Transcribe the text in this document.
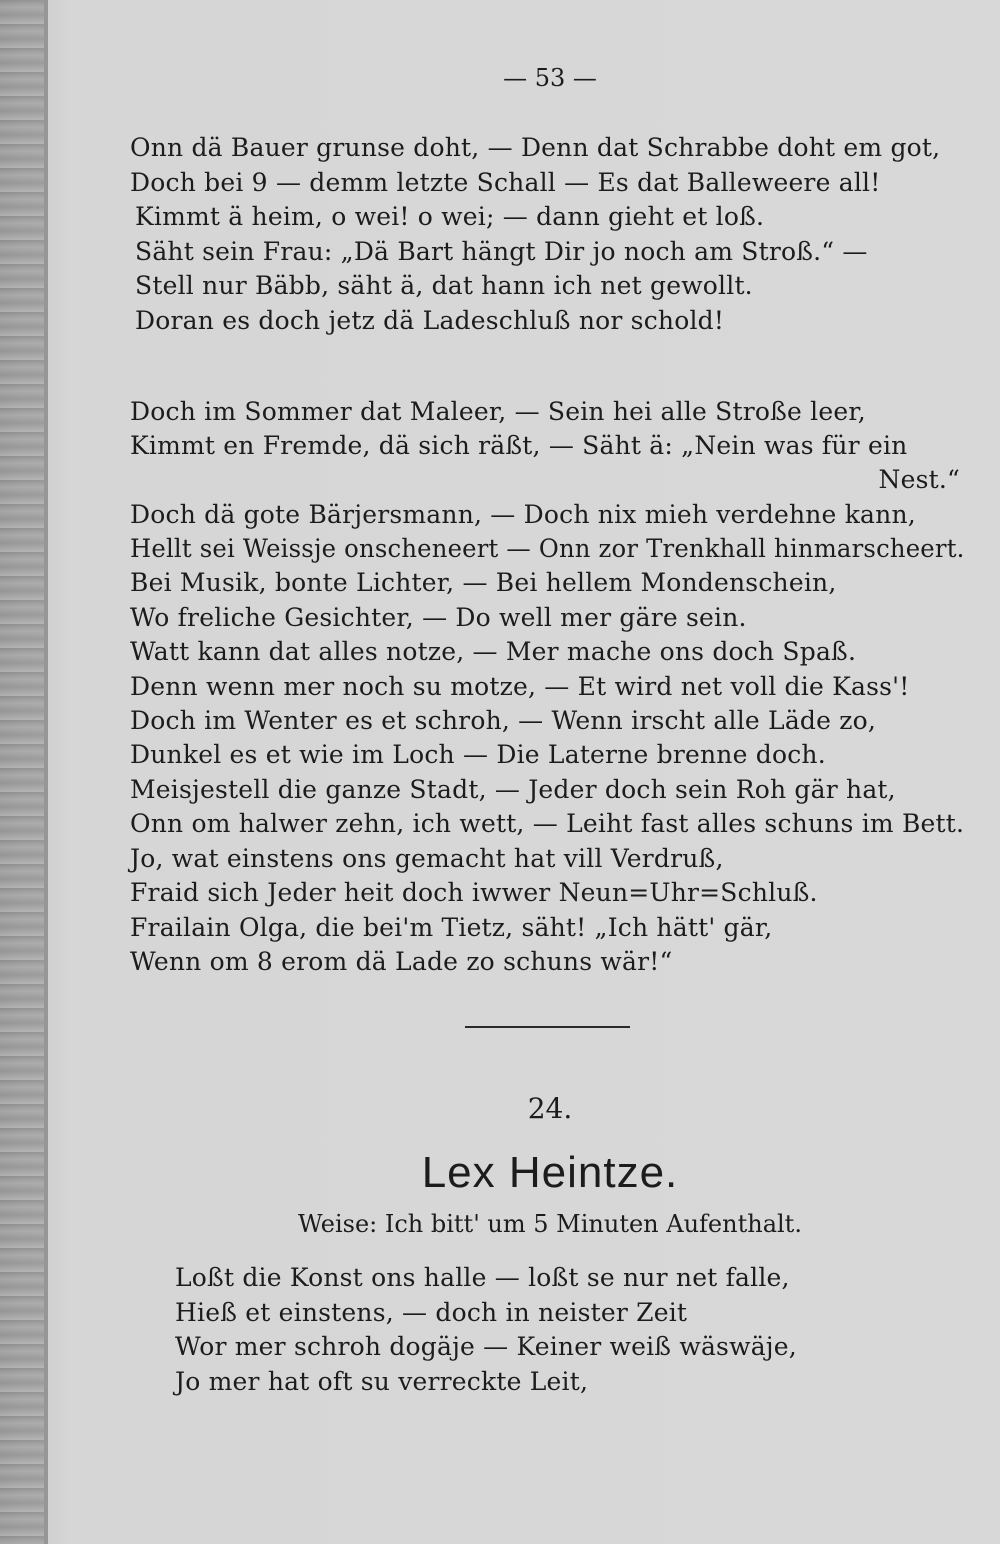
— 53 —
Onn dä Bauer grunse doht, — Denn dat Schrabbe doht em got,
Doch bei 9 — demm letzte Schall — Es dat Balleweere all!
Kimmt ä heim, o wei! o wei; — dann gieht et loß.
Säht sein Frau: „Dä Bart hängt Dir jo noch am Stroß.“ —
Stell nur Bäbb, säht ä, dat hann ich net gewollt.
Doran es doch jetz dä Ladeschluß nor schold!
Doch im Sommer dat Maleer, — Sein hei alle Stroße leer,
Kimmt en Fremde, dä sich räßt, — Säht ä: „Nein was für ein
Nest.“
Doch dä gote Bärjersmann, — Doch nix mieh verdehne kann,
Hellt sei Weissje onscheneert — Onn zor Trenkhall hinmarscheert.
Bei Musik, bonte Lichter, — Bei hellem Mondenschein,
Wo freliche Gesichter, — Do well mer gäre sein.
Watt kann dat alles notze, — Mer mache ons doch Spaß.
Denn wenn mer noch su motze, — Et wird net voll die Kass'!
Doch im Wenter es et schroh, — Wenn irscht alle Läde zo,
Dunkel es et wie im Loch — Die Laterne brenne doch.
Meisjestell die ganze Stadt, — Jeder doch sein Roh gär hat,
Onn om halwer zehn, ich wett, — Leiht fast alles schuns im Bett.
Jo, wat einstens ons gemacht hat vill Verdruß,
Fraid sich Jeder heit doch iwwer Neun=Uhr=Schluß.
Frailain Olga, die bei'm Tietz, säht! „Ich hätt' gär,
Wenn om 8 erom dä Lade zo schuns wär!“
24.
Lex Heintze.
Weise: Ich bitt' um 5 Minuten Aufenthalt.
Loßt die Konst ons halle — loßt se nur net falle,
Hieß et einstens, — doch in neister Zeit
Wor mer schroh dogäje — Keiner weiß wäswäje,
Jo mer hat oft su verreckte Leit,
